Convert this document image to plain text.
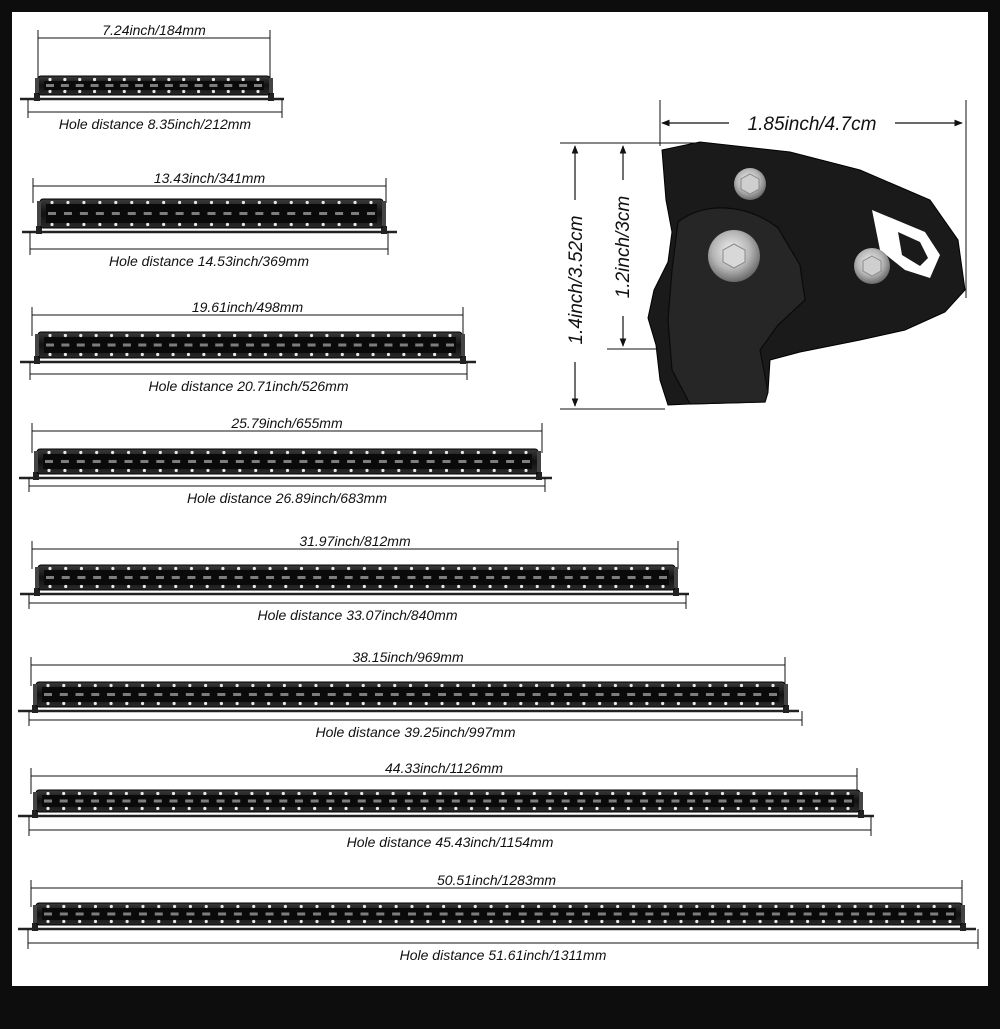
7.24inch/184mm
Hole distance 8.35inch/212mm
13.43inch/341mm
Hole distance 14.53inch/369mm
19.61inch/498mm
Hole distance 20.71inch/526mm
25.79inch/655mm
Hole distance 26.89inch/683mm
31.97inch/812mm
Hole distance 33.07inch/840mm
38.15inch/969mm
Hole distance 39.25inch/997mm
44.33inch/1126mm
Hole distance 45.43inch/1154mm
50.51inch/1283mm
Hole distance 51.61inch/1311mm
1.85inch/4.7cm
1.4inch/3.52cm 1.2inch/3cm
